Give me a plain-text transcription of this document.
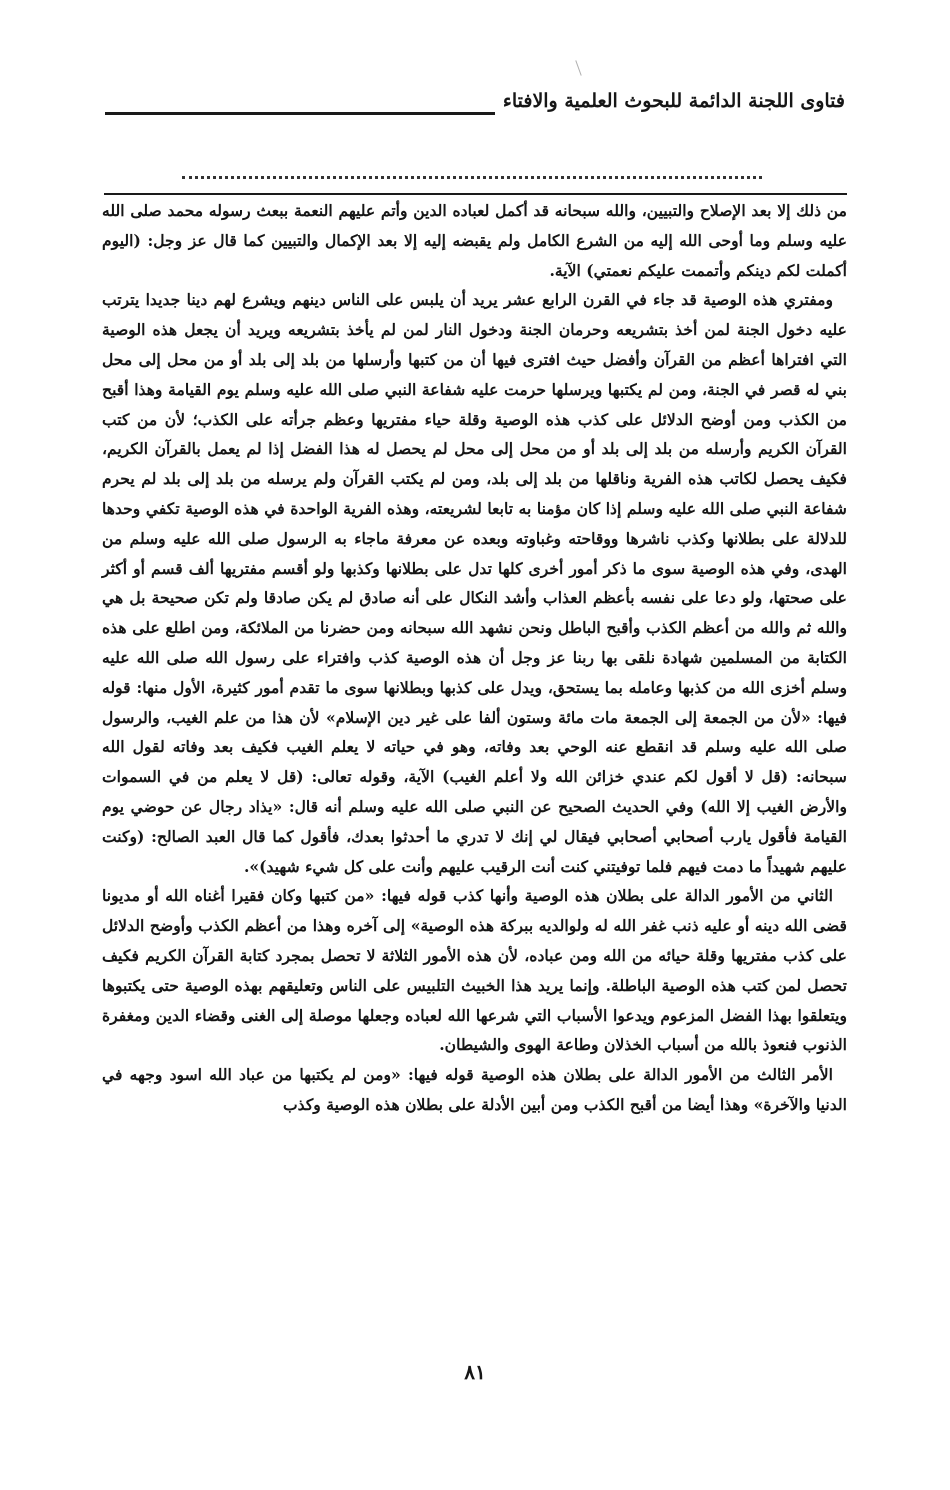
فتاوى اللجنة الدائمة للبحوث العلمية والافتاء

من ذلك إلا بعد الإصلاح والتبيين، والله سبحانه قد أكمل لعباده الدين وأتم عليهم النعمة ببعث رسوله محمد صلى الله عليه وسلم وما أوحى الله إليه من الشرع الكامل ولم يقبضه إليه إلا بعد الإكمال والتبيين كما قال عز وجل: (اليوم أكملت لكم دينكم وأتممت عليكم نعمتي) الآية.

ومفتري هذه الوصية قد جاء في القرن الرابع عشر يريد أن يلبس على الناس دينهم ويشرع لهم دينا جديدا يترتب عليه دخول الجنة لمن أخذ بتشريعه وحرمان الجنة ودخول النار لمن لم يأخذ بتشريعه ويريد أن يجعل هذه الوصية التي افتراها أعظم من القرآن وأفضل حيث افترى فيها أن من كتبها وأرسلها من بلد إلى بلد أو من محل إلى محل بني له قصر في الجنة، ومن لم يكتبها ويرسلها حرمت عليه شفاعة النبي صلى الله عليه وسلم يوم القيامة وهذا أقبح من الكذب ومن أوضح الدلائل على كذب هذه الوصية وقلة حياء مفتريها وعظم جرأته على الكذب؛ لأن من كتب القرآن الكريم وأرسله من بلد إلى بلد أو من محل إلى محل لم يحصل له هذا الفضل إذا لم يعمل بالقرآن الكريم، فكيف يحصل لكاتب هذه الفرية وناقلها من بلد إلى بلد، ومن لم يكتب القرآن ولم يرسله من بلد إلى بلد لم يحرم شفاعة النبي صلى الله عليه وسلم إذا كان مؤمنا به تابعا لشريعته، وهذه الفرية الواحدة في هذه الوصية تكفي وحدها للدلالة على بطلانها وكذب ناشرها ووقاحته وغباوته وبعده عن معرفة ماجاء به الرسول صلى الله عليه وسلم من الهدى، وفي هذه الوصية سوى ما ذكر أمور أخرى كلها تدل على بطلانها وكذبها ولو أقسم مفتريها ألف قسم أو أكثر على صحتها، ولو دعا على نفسه بأعظم العذاب وأشد النكال على أنه صادق لم يكن صادقا ولم تكن صحيحة بل هي والله ثم والله من أعظم الكذب وأقبح الباطل ونحن نشهد الله سبحانه ومن حضرنا من الملائكة، ومن اطلع على هذه الكتابة من المسلمين شهادة نلقى بها ربنا عز وجل أن هذه الوصية كذب وافتراء على رسول الله صلى الله عليه وسلم أخزى الله من كذبها وعامله بما يستحق، ويدل على كذبها وبطلانها سوى ما تقدم أمور كثيرة، الأول منها: قوله فيها: «لأن من الجمعة إلى الجمعة مات مائة وستون ألفا على غير دين الإسلام» لأن هذا من علم الغيب، والرسول صلى الله عليه وسلم قد انقطع عنه الوحي بعد وفاته، وهو في حياته لا يعلم الغيب فكيف بعد وفاته لقول الله سبحانه: (قل لا أقول لكم عندي خزائن الله ولا أعلم الغيب) الآية، وقوله تعالى: (قل لا يعلم من في السموات والأرض الغيب إلا الله) وفي الحديث الصحيح عن النبي صلى الله عليه وسلم أنه قال: «يذاد رجال عن حوضي يوم القيامة فأقول يارب أصحابي أصحابي فيقال لي إنك لا تدري ما أحدثوا بعدك، فأقول كما قال العبد الصالح: (وكنت عليهم شهيداً ما دمت فيهم فلما توفيتني كنت أنت الرقيب عليهم وأنت على كل شيء شهيد)».

الثاني من الأمور الدالة على بطلان هذه الوصية وأنها كذب قوله فيها: «من كتبها وكان فقيرا أغناه الله أو مديونا قضى الله دينه أو عليه ذنب غفر الله له ولوالديه ببركة هذه الوصية» إلى آخره وهذا من أعظم الكذب وأوضح الدلائل على كذب مفتريها وقلة حيائه من الله ومن عباده، لأن هذه الأمور الثلاثة لا تحصل بمجرد كتابة القرآن الكريم فكيف تحصل لمن كتب هذه الوصية الباطلة. وإنما يريد هذا الخبيث التلبيس على الناس وتعليقهم بهذه الوصية حتى يكتبوها ويتعلقوا بهذا الفضل المزعوم ويدعوا الأسباب التي شرعها الله لعباده وجعلها موصلة إلى الغنى وقضاء الدين ومغفرة الذنوب فنعوذ بالله من أسباب الخذلان وطاعة الهوى والشيطان.

الأمر الثالث من الأمور الدالة على بطلان هذه الوصية قوله فيها: «ومن لم يكتبها من عباد الله اسود وجهه في الدنيا والآخرة» وهذا أيضا من أقبح الكذب ومن أبين الأدلة على بطلان هذه الوصية وكذب

٨١
